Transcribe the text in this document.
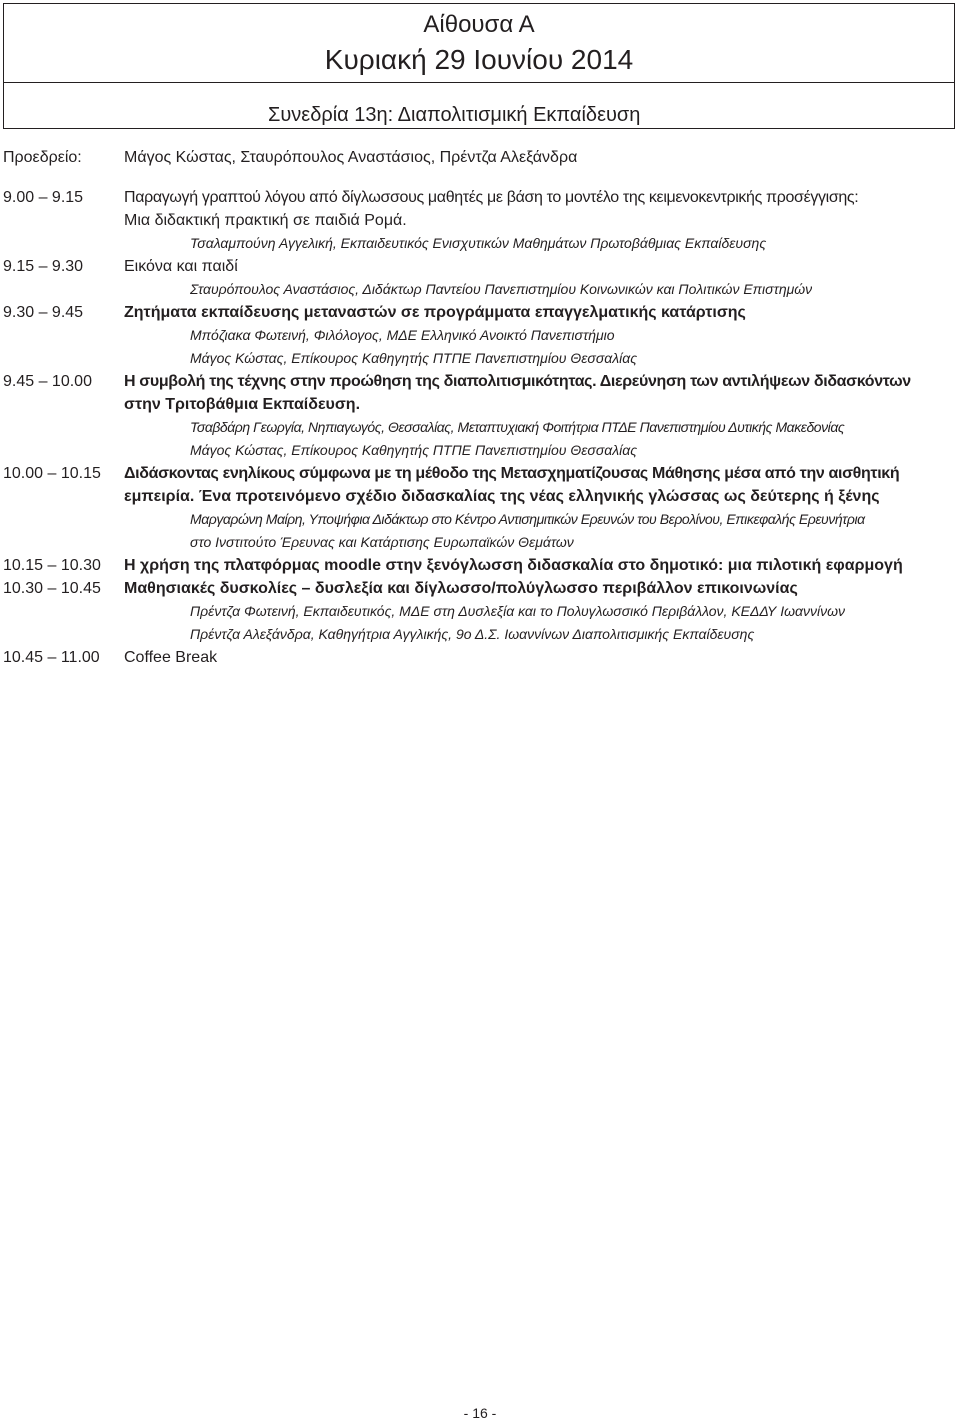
Αίθουσα Α
Κυριακή 29 Ιουνίου 2014
Συνεδρία 13η: Διαπολιτισμική Εκπαίδευση
Προεδρείο:	Μάγος Κώστας, Σταυρόπουλος Αναστάσιος, Πρέντζα Αλεξάνδρα
9.00 – 9.15	Παραγωγή γραπτού λόγου από δίγλωσσους μαθητές με βάση το μοντέλο της κειμενοκεντρικής προσέγγισης:
Μια διδακτική πρακτική σε παιδιά Ρομά.
Τσαλαμπούνη Αγγελική, Εκπαιδευτικός Ενισχυτικών Μαθημάτων Πρωτοβάθμιας Εκπαίδευσης
9.15 – 9.30	Εικόνα και παιδί
Σταυρόπουλος Αναστάσιος, Διδάκτωρ Παντείου Πανεπιστημίου Κοινωνικών και Πολιτικών Επιστημών
9.30 – 9.45	Ζητήματα εκπαίδευσης μεταναστών σε προγράμματα επαγγελματικής κατάρτισης
Μπόζιακα Φωτεινή, Φιλόλογος, ΜΔΕ Ελληνικό Ανοικτό Πανεπιστήμιο
Μάγος Κώστας, Επίκουρος Καθηγητής ΠΤΠΕ Πανεπιστημίου Θεσσαλίας
9.45 – 10.00	Η συμβολή της τέχνης στην προώθηση της διαπολιτισμικότητας. Διερεύνηση των αντιλήψεων διδασκόντων
στην Τριτοβάθμια Εκπαίδευση.
Τσαβδάρη Γεωργία, Νηπιαγωγός, Θεσσαλίας, Μεταπτυχιακή Φοιτήτρια ΠΤΔΕ Πανεπιστημίου Δυτικής Μακεδονίας
Μάγος Κώστας, Επίκουρος Καθηγητής ΠΤΠΕ Πανεπιστημίου Θεσσαλίας
10.00 – 10.15	Διδάσκοντας ενηλίκους σύμφωνα με τη μέθοδο της Μετασχηματίζουσας Μάθησης μέσα από την αισθητική
εμπειρία. Ένα προτεινόμενο σχέδιο διδασκαλίας της νέας ελληνικής γλώσσας ως δεύτερης ή ξένης
Μαργαρώνη Μαίρη, Υποψήφια Διδάκτωρ στο Κέντρο Αντισημιτικών Ερευνών του Βερολίνου, Επικεφαλής Ερευνήτρια
στο Ινστιτούτο Έρευνας και Κατάρτισης Ευρωπαϊκών Θεμάτων
10.15 – 10.30	Η χρήση της πλατφόρμας moodle στην ξενόγλωσση διδασκαλία στο δημοτικό: μια πιλοτική εφαρμογή
10.30 – 10.45	Μαθησιακές δυσκολίες – δυσλεξία και δίγλωσσο/πολύγλωσσο περιβάλλον επικοινωνίας
Πρέντζα Φωτεινή, Εκπαιδευτικός, ΜΔΕ στη Δυσλεξία και το Πολυγλωσσικό Περιβάλλον, ΚΕΔΔΥ Ιωαννίνων
Πρέντζα Αλεξάνδρα, Καθηγήτρια Αγγλικής, 9ο Δ.Σ. Ιωαννίνων Διαπολιτισμικής Εκπαίδευσης
10.45 – 11.00	Coffee Break
- 16 -
